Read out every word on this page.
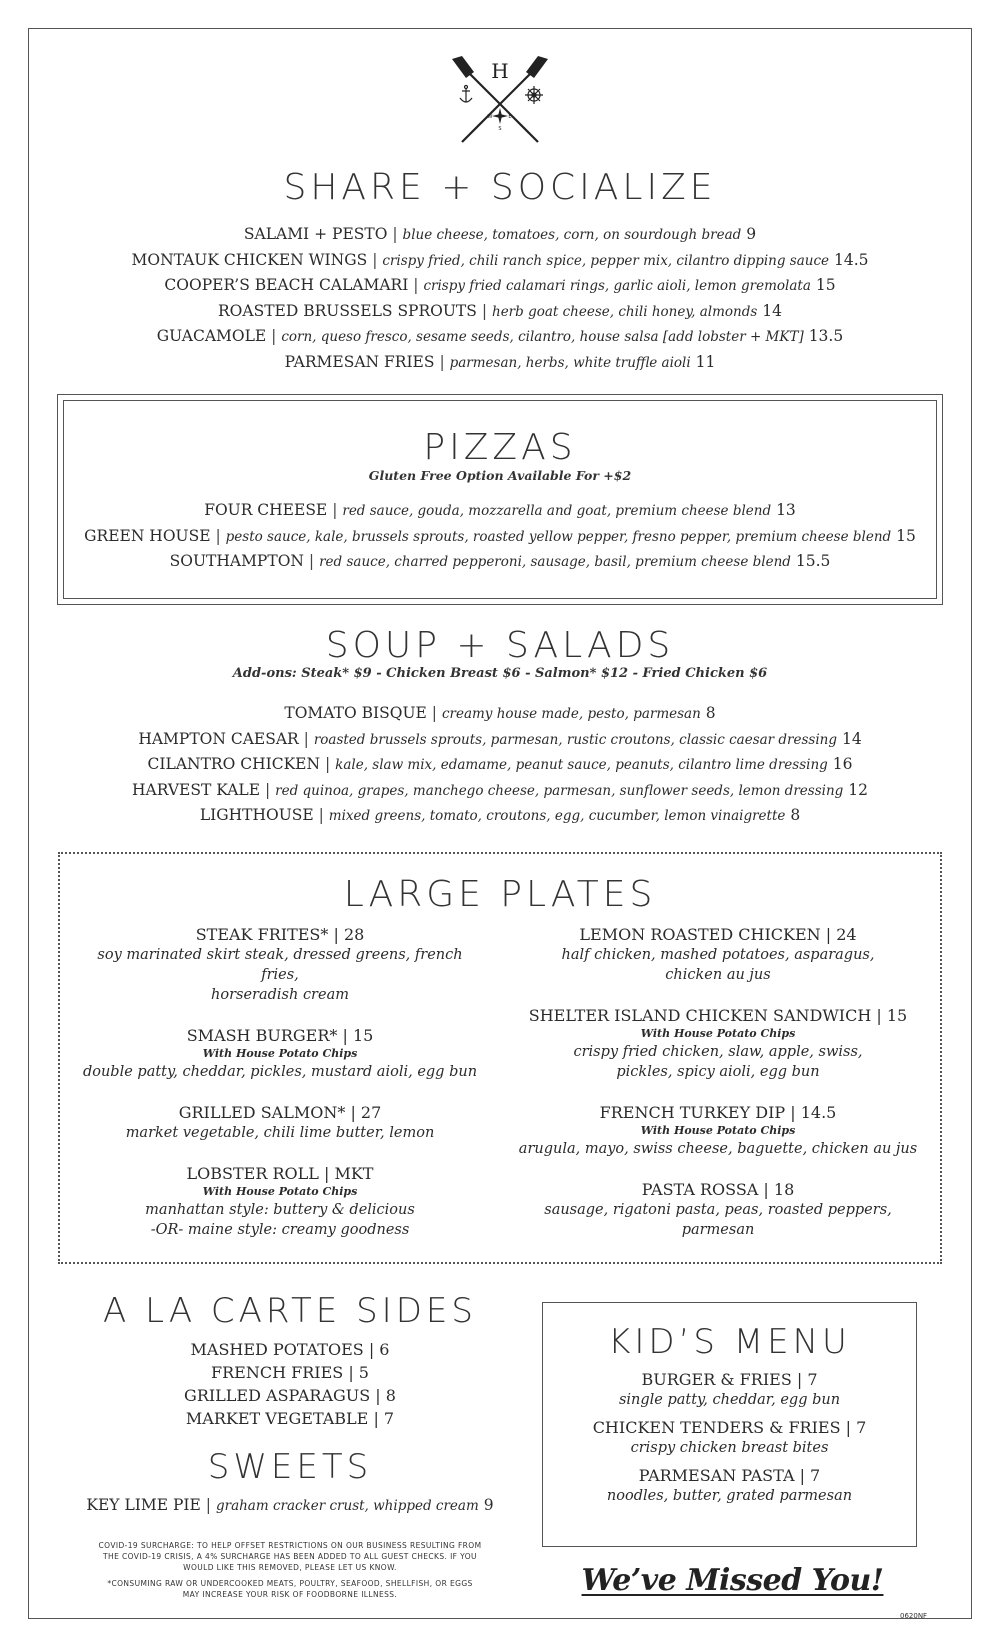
H
N
W	E
S
SHARE + SOCIALIZE
SALAMI + PESTO | blue cheese, tomatoes, corn, on sourdough bread 9
MONTAUK CHICKEN WINGS | crispy fried, chili ranch spice, pepper mix, cilantro dipping sauce 14.5
COOPER’S BEACH CALAMARI | crispy fried calamari rings, garlic aioli, lemon gremolata 15
ROASTED BRUSSELS SPROUTS | herb goat cheese, chili honey, almonds 14
GUACAMOLE | corn, queso fresco, sesame seeds, cilantro, house salsa [add lobster + MKT] 13.5
PARMESAN FRIES | parmesan, herbs, white truffle aioli 11
PIZZAS
Gluten Free Option Available For +$2
FOUR CHEESE | red sauce, gouda, mozzarella and goat, premium cheese blend 13
GREEN HOUSE | pesto sauce, kale, brussels sprouts, roasted yellow pepper, fresno pepper, premium cheese blend 15
SOUTHAMPTON | red sauce, charred pepperoni, sausage, basil, premium cheese blend 15.5
SOUP + SALADS
Add-ons: Steak* $9 - Chicken Breast $6 - Salmon* $12 - Fried Chicken $6
TOMATO BISQUE | creamy house made, pesto, parmesan 8
HAMPTON CAESAR | roasted brussels sprouts, parmesan, rustic croutons, classic caesar dressing 14
CILANTRO CHICKEN | kale, slaw mix, edamame, peanut sauce, peanuts, cilantro lime dressing 16
HARVEST KALE | red quinoa, grapes, manchego cheese, parmesan, sunflower seeds, lemon dressing 12
LIGHTHOUSE | mixed greens, tomato, croutons, egg, cucumber, lemon vinaigrette 8
LARGE PLATES
STEAK FRITES* | 28
soy marinated skirt steak, dressed greens, french fries,
horseradish cream
SMASH BURGER* | 15
With House Potato Chips
double patty, cheddar, pickles, mustard aioli, egg bun
GRILLED SALMON* | 27
market vegetable, chili lime butter, lemon
LOBSTER ROLL | MKT
With House Potato Chips
manhattan style: buttery & delicious
-OR- maine style: creamy goodness
LEMON ROASTED CHICKEN | 24
half chicken, mashed potatoes, asparagus,
chicken au jus
SHELTER ISLAND CHICKEN SANDWICH | 15
With House Potato Chips
crispy fried chicken, slaw, apple, swiss,
pickles, spicy aioli, egg bun
FRENCH TURKEY DIP | 14.5
With House Potato Chips
arugula, mayo, swiss cheese, baguette, chicken au jus
PASTA ROSSA | 18
sausage, rigatoni pasta, peas, roasted peppers, parmesan
A LA CARTE SIDES
MASHED POTATOES | 6
FRENCH FRIES | 5
GRILLED ASPARAGUS | 8
MARKET VEGETABLE | 7
SWEETS
KEY LIME PIE | graham cracker crust, whipped cream 9
COVID-19 SURCHARGE: TO HELP OFFSET RESTRICTIONS ON OUR BUSINESS RESULTING FROM
THE COVID-19 CRISIS, A 4% SURCHARGE HAS BEEN ADDED TO ALL GUEST CHECKS. IF YOU
WOULD LIKE THIS REMOVED, PLEASE LET US KNOW.
*CONSUMING RAW OR UNDERCOOKED MEATS, POULTRY, SEAFOOD, SHELLFISH, OR EGGS
MAY INCREASE YOUR RISK OF FOODBORNE ILLNESS.
KID’S MENU
BURGER & FRIES | 7
single patty, cheddar, egg bun
CHICKEN TENDERS & FRIES | 7
crispy chicken breast bites
PARMESAN PASTA | 7
noodles, butter, grated parmesan
We’ve Missed You!
0620NF
